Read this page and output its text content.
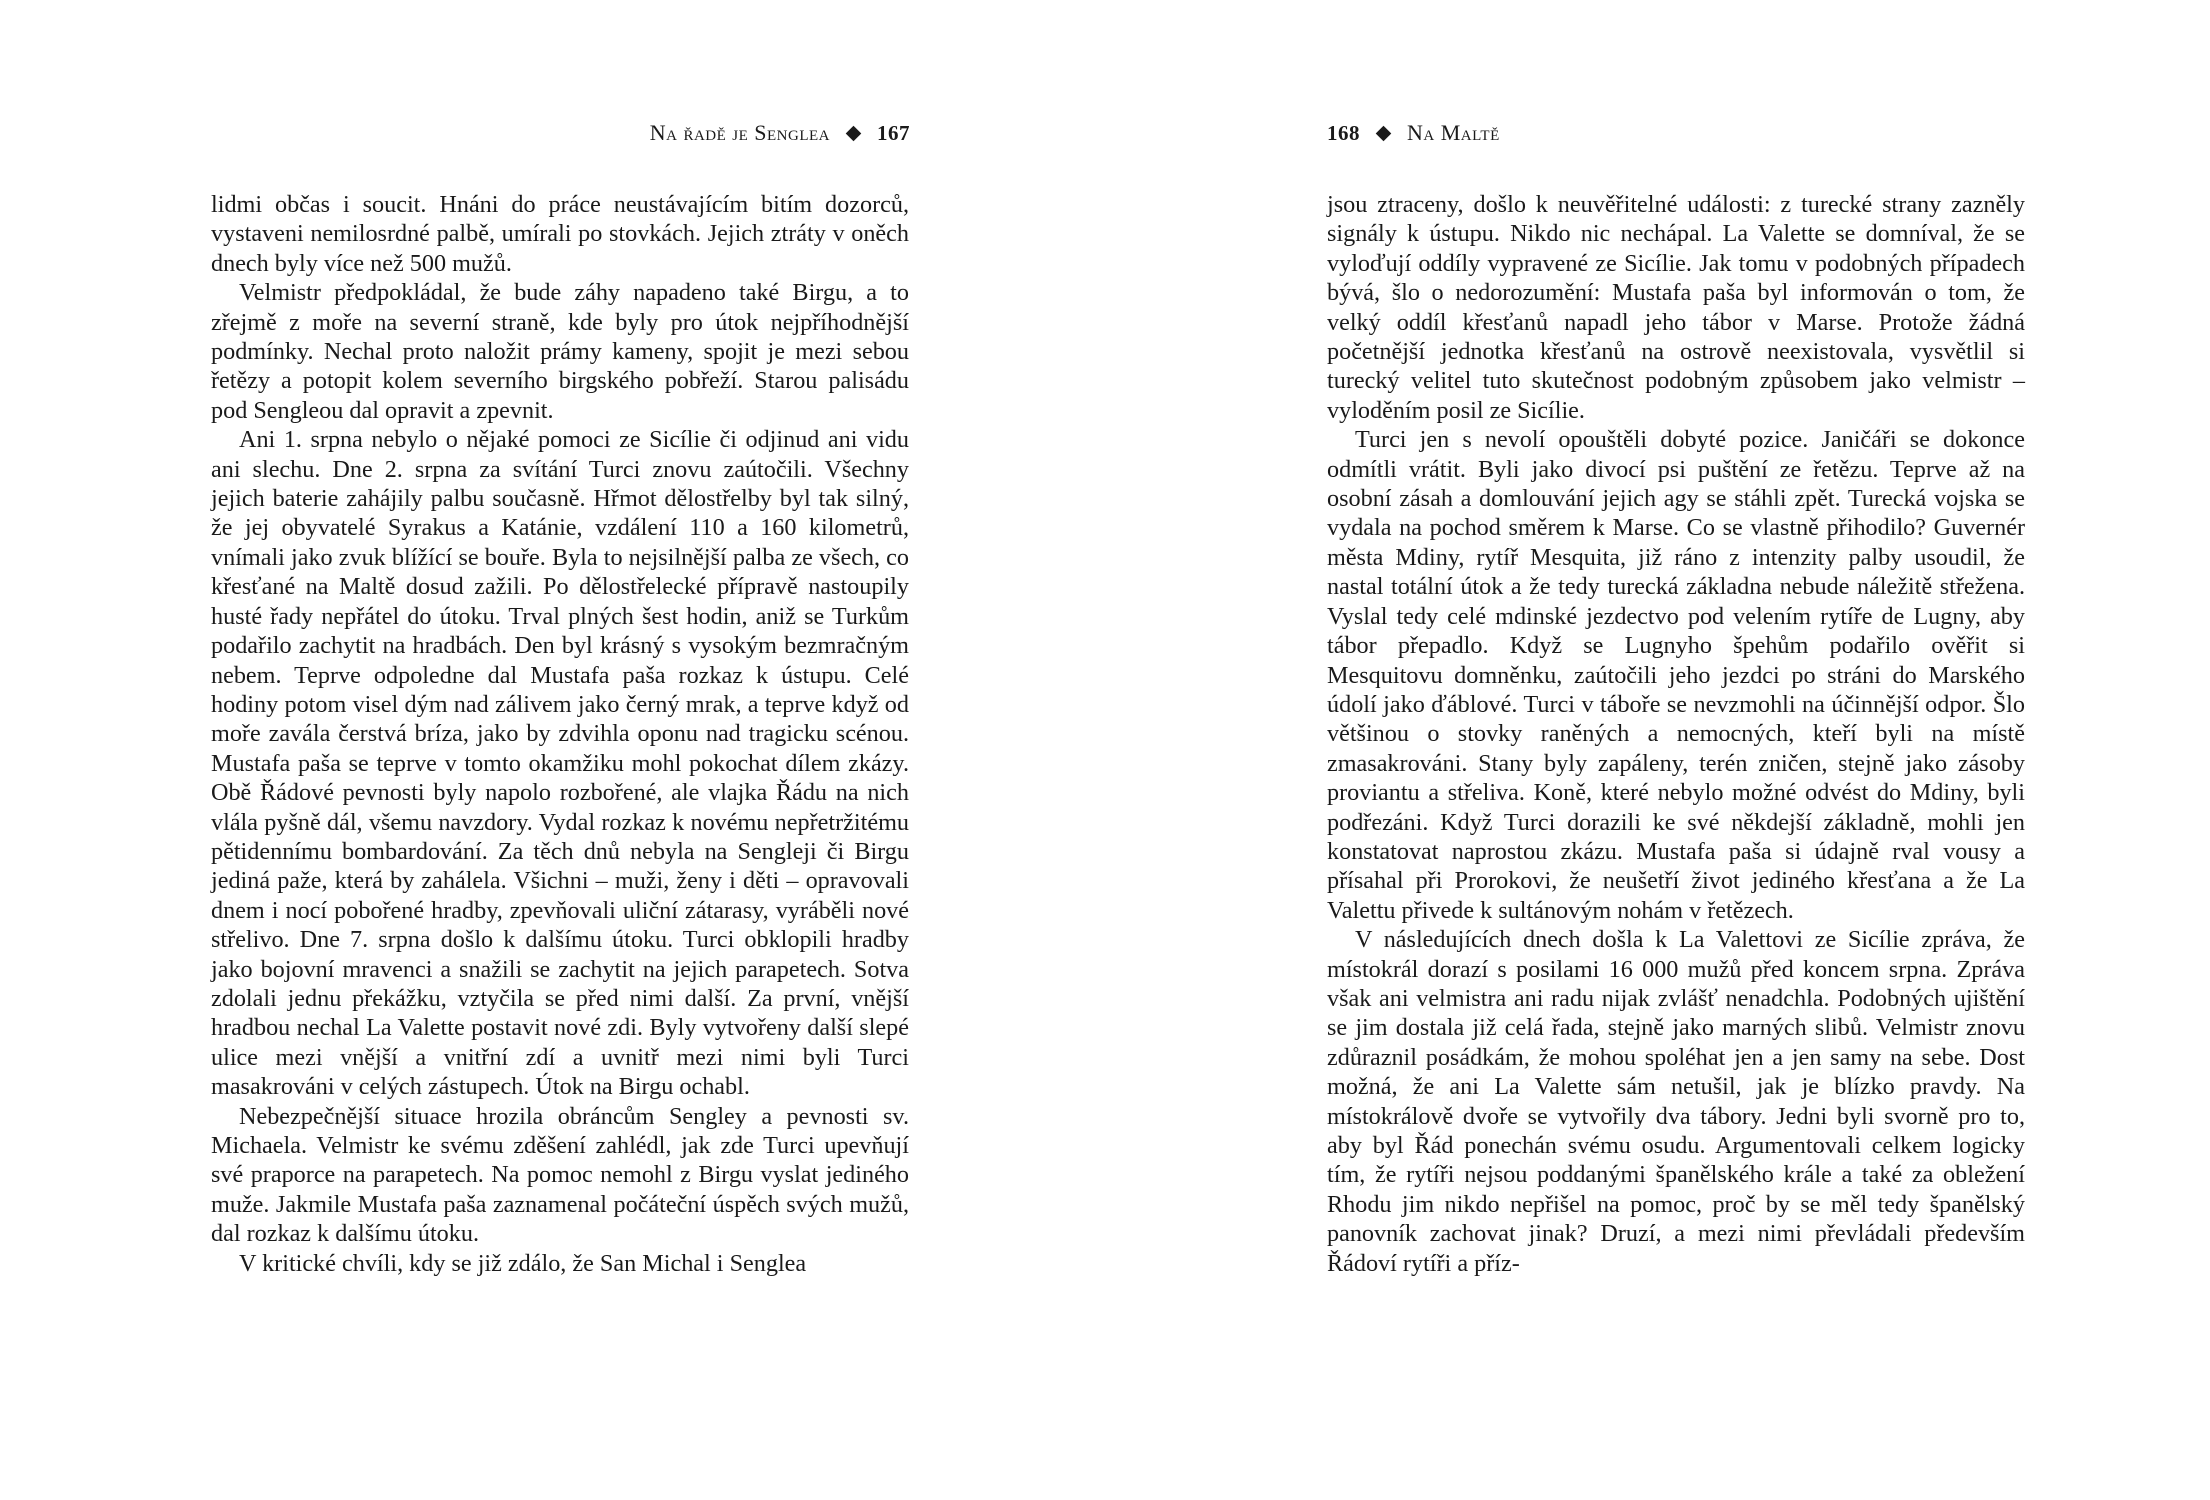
Na řadě je Senglea 167

lidmi občas i soucit. Hnáni do práce neustávajícím bitím dozorců, vystaveni nemilosrdné palbě, umírali po stovkách. Jejich ztráty v oněch dnech byly více než 500 mužů.

Velmistr předpokládal, že bude záhy napadeno také Birgu, a to zřejmě z moře na severní straně, kde byly pro útok nejpříhodnější podmínky. Nechal proto naložit prámy kameny, spojit je mezi sebou řetězy a potopit kolem severního birgského pobřeží. Starou palisádu pod Sengleou dal opravit a zpevnit.

Ani 1. srpna nebylo o nějaké pomoci ze Sicílie či odjinud ani vidu ani slechu. Dne 2. srpna za svítání Turci znovu zaútočili. Všechny jejich baterie zahájily palbu současně. Hřmot dělostřelby byl tak silný, že jej obyvatelé Syrakus a Katánie, vzdálení 110 a 160 kilometrů, vnímali jako zvuk blížící se bouře. Byla to nejsilnější palba ze všech, co křesťané na Maltě dosud zažili. Po dělostřelecké přípravě nastoupily husté řady nepřátel do útoku. Trval plných šest hodin, aniž se Turkům podařilo zachytit na hradbách. Den byl krásný s vysokým bezmračným nebem. Teprve odpoledne dal Mustafa paša rozkaz k ústupu. Celé hodiny potom visel dým nad zálivem jako černý mrak, a teprve když od moře zavála čerstvá bríza, jako by zdvihla oponu nad tragicku scénou. Mustafa paša se teprve v tomto okamžiku mohl pokochat dílem zkázy. Obě Řádové pevnosti byly napolo rozbořené, ale vlajka Řádu na nich vlála pyšně dál, všemu navzdory. Vydal rozkaz k novému nepřetržitému pětidennímu bombardování. Za těch dnů nebyla na Sengleji či Birgu jediná paže, která by zahálela. Všichni – muži, ženy i děti – opravovali dnem i nocí pobořené hradby, zpevňovali uliční zátarasy, vyráběli nové střelivo. Dne 7. srpna došlo k dalšímu útoku. Turci obklopili hradby jako bojovní mravenci a snažili se zachytit na jejich parapetech. Sotva zdolali jednu překážku, vztyčila se před nimi další. Za první, vnější hradbou nechal La Valette postavit nové zdi. Byly vytvořeny další slepé ulice mezi vnější a vnitřní zdí a uvnitř mezi nimi byli Turci masakrováni v celých zástupech. Útok na Birgu ochabl.

Nebezpečnější situace hrozila obráncům Sengley a pevnosti sv. Michaela. Velmistr ke svému zděšení zahlédl, jak zde Turci upevňují své praporce na parapetech. Na pomoc nemohl z Birgu vyslat jediného muže. Jakmile Mustafa paša zaznamenal počáteční úspěch svých mužů, dal rozkaz k dalšímu útoku.

V kritické chvíli, kdy se již zdálo, že San Michal i Senglea

168 Na Maltě

jsou ztraceny, došlo k neuvěřitelné události: z turecké strany zazněly signály k ústupu. Nikdo nic nechápal. La Valette se domníval, že se vyloďují oddíly vypravené ze Sicílie. Jak tomu v podobných případech bývá, šlo o nedorozumění: Mustafa paša byl informován o tom, že velký oddíl křesťanů napadl jeho tábor v Marse. Protože žádná početnější jednotka křesťanů na ostrově neexistovala, vysvětlil si turecký velitel tuto skutečnost podobným způsobem jako velmistr – vyloděním posil ze Sicílie.

Turci jen s nevolí opouštěli dobyté pozice. Janičáři se dokonce odmítli vrátit. Byli jako divocí psi puštění ze řetězu. Teprve až na osobní zásah a domlouvání jejich agy se stáhli zpět. Turecká vojska se vydala na pochod směrem k Marse. Co se vlastně přihodilo? Guvernér města Mdiny, rytíř Mesquita, již ráno z intenzity palby usoudil, že nastal totální útok a že tedy turecká základna nebude náležitě střežena. Vyslal tedy celé mdinské jezdectvo pod velením rytíře de Lugny, aby tábor přepadlo. Když se Lugnyho špehům podařilo ověřit si Mesquitovu domněnku, zaútočili jeho jezdci po stráni do Marského údolí jako ďáblové. Turci v táboře se nevzmohli na účinnější odpor. Šlo většinou o stovky raněných a nemocných, kteří byli na místě zmasakrováni. Stany byly zapáleny, terén zničen, stejně jako zásoby proviantu a střeliva. Koně, které nebylo možné odvést do Mdiny, byli podřezáni. Když Turci dorazili ke své někdejší základně, mohli jen konstatovat naprostou zkázu. Mustafa paša si údajně rval vousy a přísahal při Prorokovi, že neušetří život jediného křesťana a že La Valettu přivede k sultánovým nohám v řetězech.

V následujících dnech došla k La Valettovi ze Sicílie zpráva, že místokrál dorazí s posilami 16 000 mužů před koncem srpna. Zpráva však ani velmistra ani radu nijak zvlášť nenadchla. Podobných ujištění se jim dostala již celá řada, stejně jako marných slibů. Velmistr znovu zdůraznil posádkám, že mohou spoléhat jen a jen samy na sebe. Dost možná, že ani La Valette sám netušil, jak je blízko pravdy. Na místokrálově dvoře se vytvořily dva tábory. Jedni byli svorně pro to, aby byl Řád ponechán svému osudu. Argumentovali celkem logicky tím, že rytíři nejsou poddanými španělského krále a také za obležení Rhodu jim nikdo nepřišel na pomoc, proč by se měl tedy španělský panovník zachovat jinak? Druzí, a mezi nimi převládali především Řádoví rytíři a příz-
